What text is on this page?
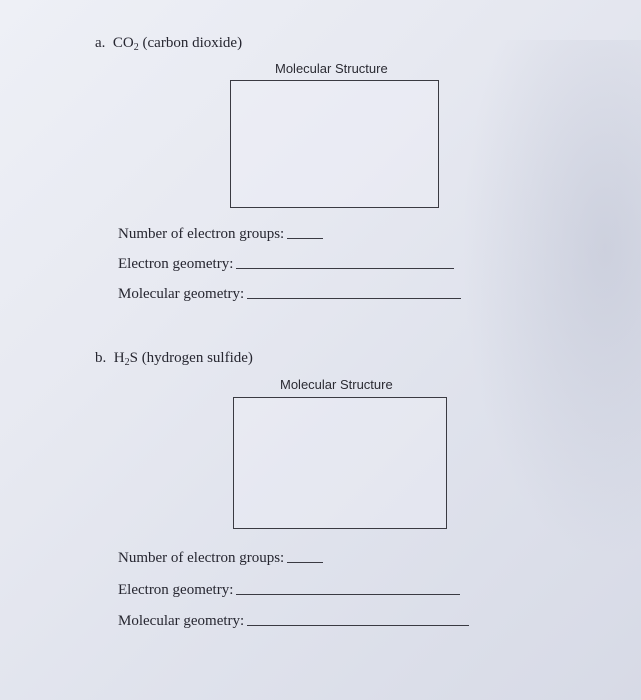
a. $CO_2$ (carbon dioxide)
Molecular Structure
Number of electron groups:
Electron geometry:
Molecular geometry:
b. $H_2S$ (hydrogen sulfide)
Molecular Structure
Number of electron groups:
Electron geometry:
Molecular geometry:
